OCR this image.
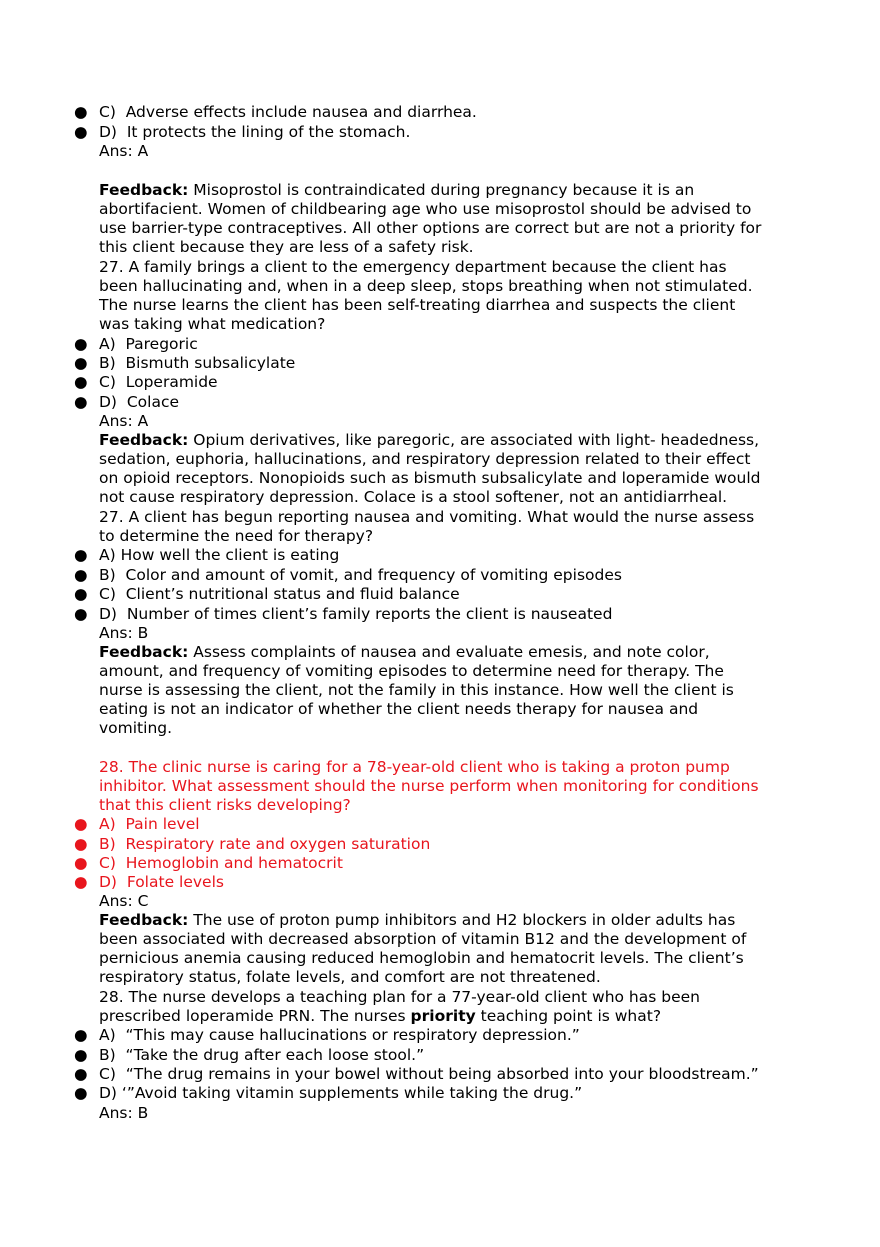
● C)  Adverse effects include nausea and diarrhea.
● D)  It protects the lining of the stomach.
Ans: A
Feedback: Misoprostol is contraindicated during pregnancy because it is an
abortifacient. Women of childbearing age who use misoprostol should be advised to
use barrier-type contraceptives. All other options are correct but are not a priority for
this client because they are less of a safety risk.
27. A family brings a client to the emergency department because the client has
been hallucinating and, when in a deep sleep, stops breathing when not stimulated.
The nurse learns the client has been self-treating diarrhea and suspects the client
was taking what medication?
● A)  Paregoric
● B)  Bismuth subsalicylate
● C)  Loperamide
● D)  Colace
Ans: A
Feedback: Opium derivatives, like paregoric, are associated with light- headedness,
sedation, euphoria, hallucinations, and respiratory depression related to their effect
on opioid receptors. Nonopioids such as bismuth subsalicylate and loperamide would
not cause respiratory depression. Colace is a stool softener, not an antidiarrheal.
27. A client has begun reporting nausea and vomiting. What would the nurse assess
to determine the need for therapy?
● A) How well the client is eating
● B)  Color and amount of vomit, and frequency of vomiting episodes
● C)  Client’s nutritional status and fluid balance
● D)  Number of times client’s family reports the client is nauseated
Ans: B
Feedback: Assess complaints of nausea and evaluate emesis, and note color,
amount, and frequency of vomiting episodes to determine need for therapy. The
nurse is assessing the client, not the family in this instance. How well the client is
eating is not an indicator of whether the client needs therapy for nausea and
vomiting.
28. The clinic nurse is caring for a 78-year-old client who is taking a proton pump
inhibitor. What assessment should the nurse perform when monitoring for conditions
that this client risks developing?
● A)  Pain level
● B)  Respiratory rate and oxygen saturation
● C)  Hemoglobin and hematocrit
● D)  Folate levels
Ans: C
Feedback: The use of proton pump inhibitors and H2 blockers in older adults has
been associated with decreased absorption of vitamin B12 and the development of
pernicious anemia causing reduced hemoglobin and hematocrit levels. The client’s
respiratory status, folate levels, and comfort are not threatened.
28. The nurse develops a teaching plan for a 77-year-old client who has been
prescribed loperamide PRN. The nurses priority teaching point is what?
● A)  “This may cause hallucinations or respiratory depression.”
● B)  “Take the drug after each loose stool.”
● C)  “The drug remains in your bowel without being absorbed into your bloodstream.”
● D) ‘”Avoid taking vitamin supplements while taking the drug.”
Ans: B
